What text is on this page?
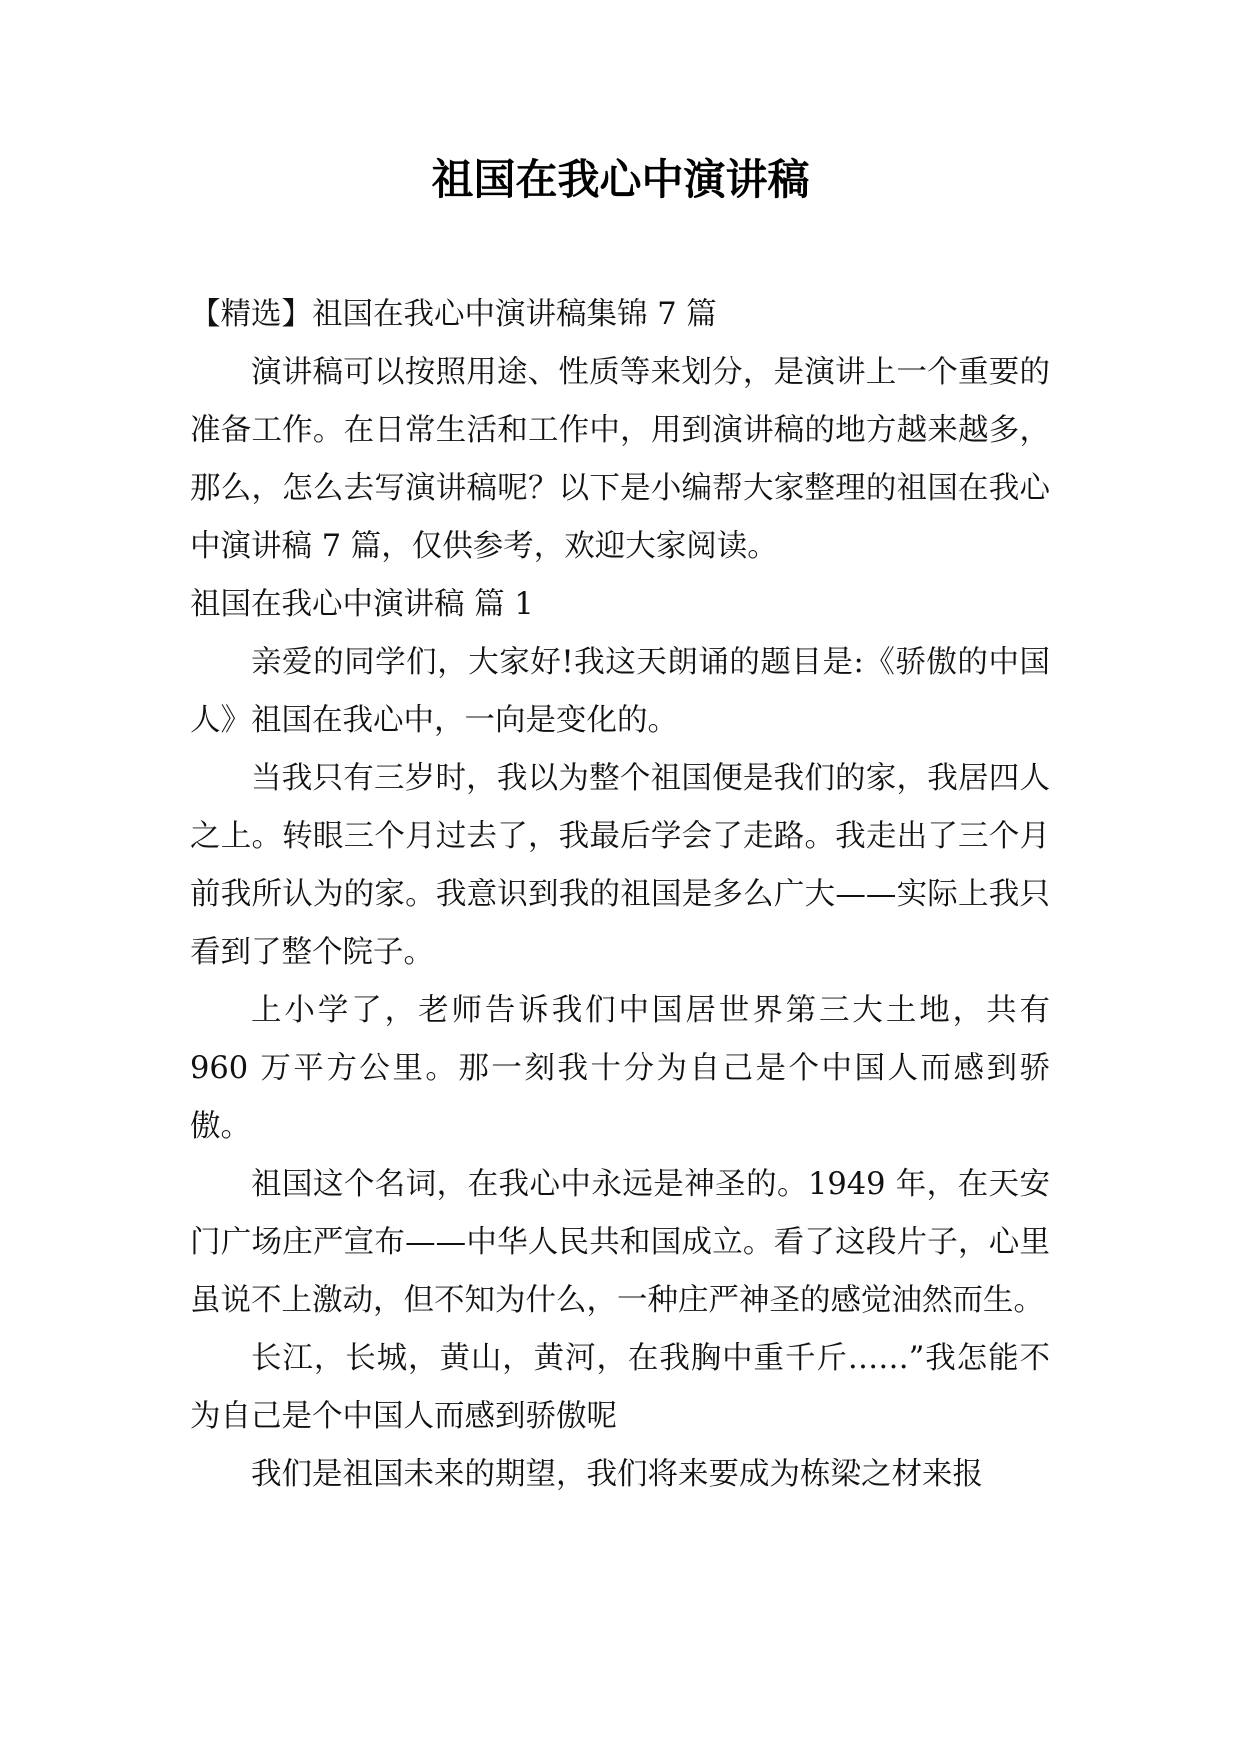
祖国在我心中演讲稿

【精选】祖国在我心中演讲稿集锦 7 篇

演讲稿可以按照用途、性质等来划分，是演讲上一个重要的准备工作。在日常生活和工作中，用到演讲稿的地方越来越多，那么，怎么去写演讲稿呢？以下是小编帮大家整理的祖国在我心中演讲稿 7 篇，仅供参考，欢迎大家阅读。

祖国在我心中演讲稿 篇 1

亲爱的同学们，大家好!我这天朗诵的题目是:《骄傲的中国人》祖国在我心中，一向是变化的。

当我只有三岁时，我以为整个祖国便是我们的家，我居四人之上。转眼三个月过去了，我最后学会了走路。我走出了三个月前我所认为的家。我意识到我的祖国是多么广大——实际上我只看到了整个院子。

上小学了，老师告诉我们中国居世界第三大土地，共有 960 万平方公里。那一刻我十分为自己是个中国人而感到骄傲。

祖国这个名词，在我心中永远是神圣的。1949 年，在天安门广场庄严宣布——中华人民共和国成立。看了这段片子，心里虽说不上激动，但不知为什么，一种庄严神圣的感觉油然而生。

长江，长城，黄山，黄河，在我胸中重千斤……”我怎能不为自己是个中国人而感到骄傲呢

我们是祖国未来的期望，我们将来要成为栋梁之材来报
